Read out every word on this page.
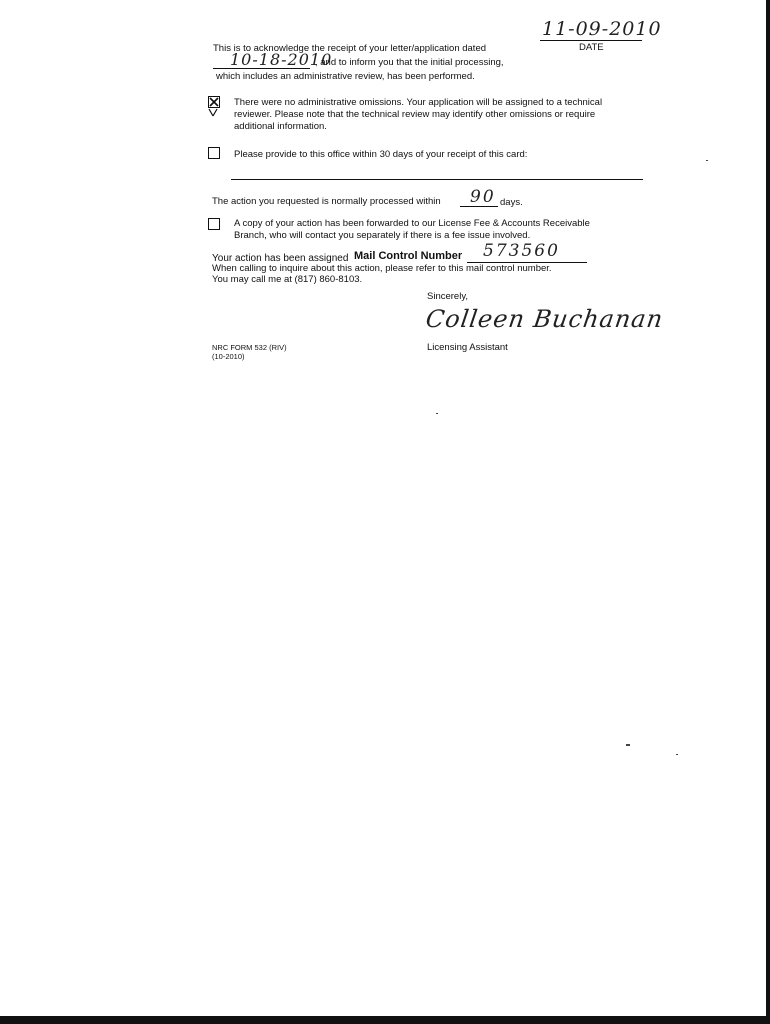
11-09-2010
DATE
This is to acknowledge the receipt of your letter/application dated
10-18-2010
, and to inform you that the initial processing,
which includes an administrative review, has been performed.
There were no administrative omissions. Your application will be assigned to a technical
reviewer. Please note that the technical review may identify other omissions or require
additional information.
Please provide to this office within 30 days of your receipt of this card:
The action you requested is normally processed within 90 days.
A copy of your action has been forwarded to our License Fee & Accounts Receivable
Branch, who will contact you separately if there is a fee issue involved.
Your action has been assigned Mail Control Number 573560
When calling to inquire about this action, please refer to this mail control number.
You may call me at (817) 860-8103.
Sincerely,
Colleen Buchanan
Licensing Assistant
NRC FORM 532 (RIV)
(10-2010)
